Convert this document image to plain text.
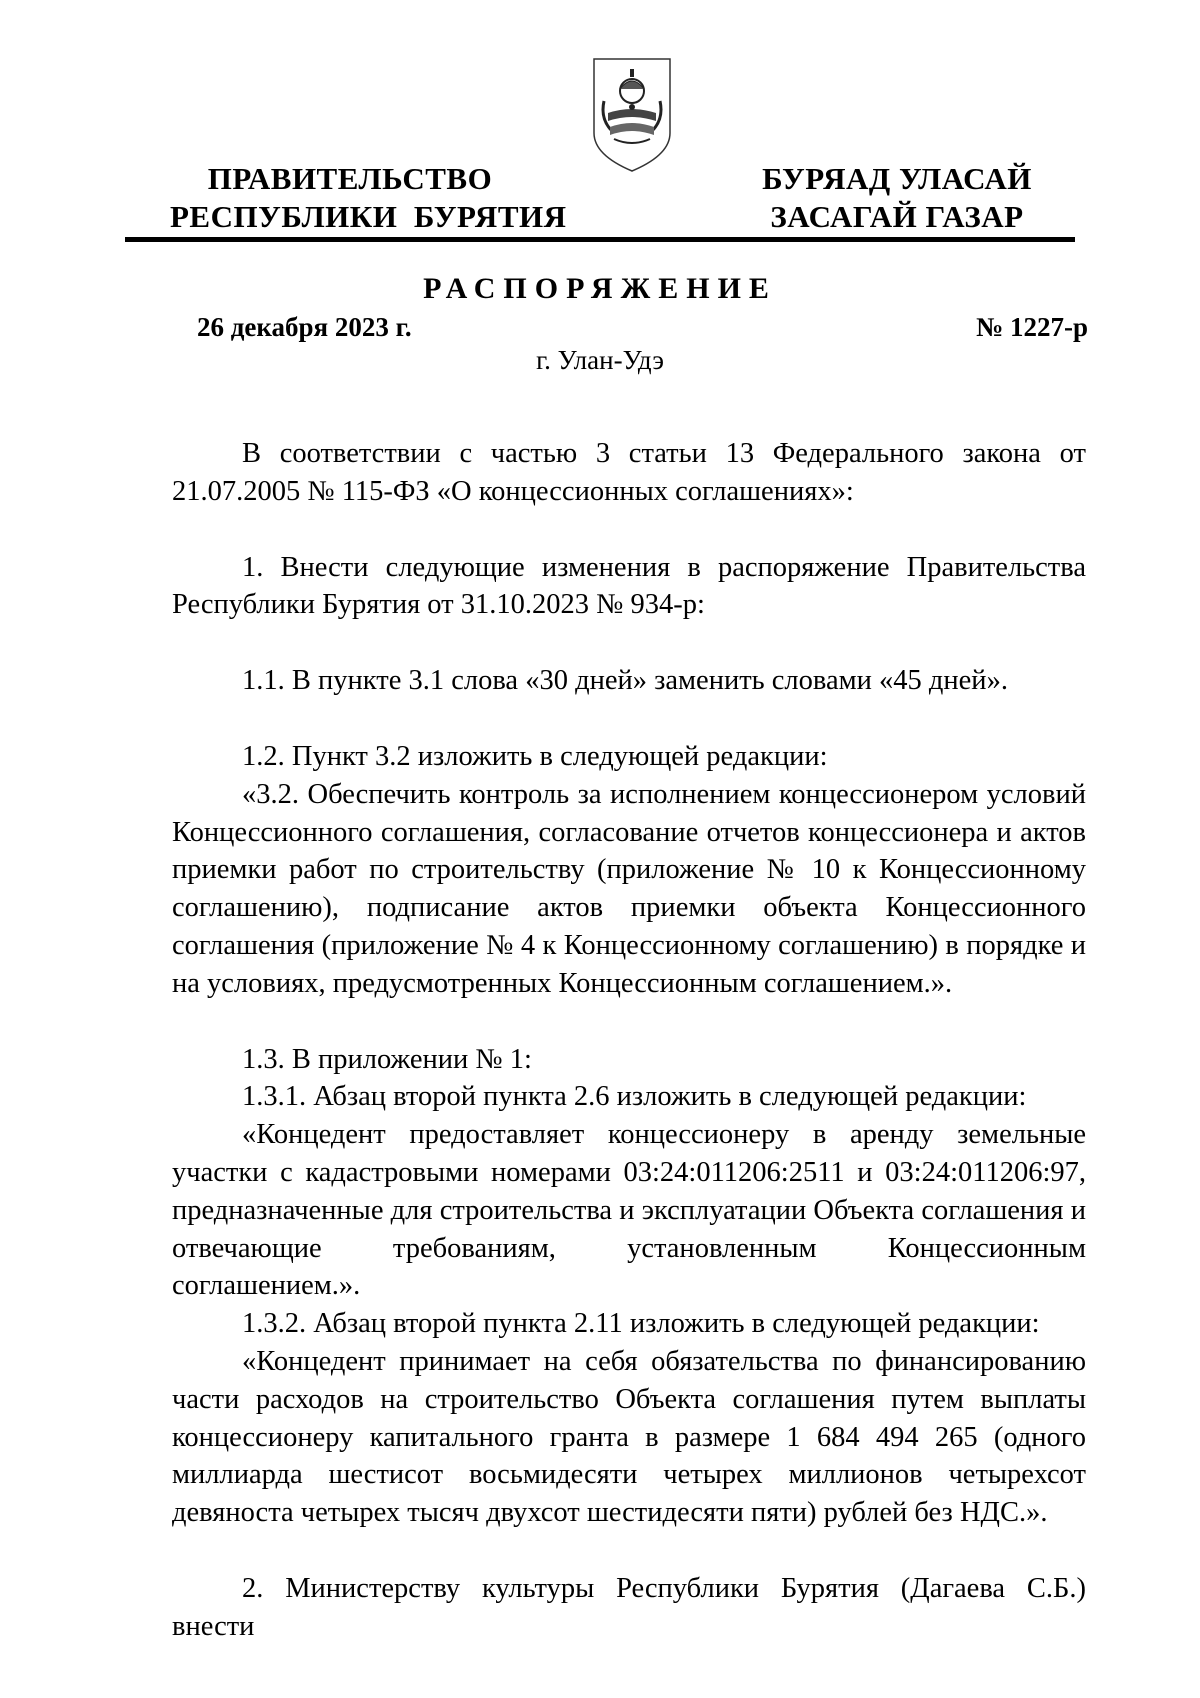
ПРАВИТЕЛЬСТВО
РЕСПУБЛИКИ  БУРЯТИЯ
БУРЯАД УЛАСАЙ
ЗАСАГАЙ ГАЗАР
РАСПОРЯЖЕНИЕ
26 декабря 2023 г.	№ 1227-р
г. Улан-Удэ

В соответствии с частью 3 статьи 13 Федерального закона от 21.07.2005 № 115-ФЗ «О концессионных соглашениях»:

1. Внести следующие изменения в распоряжение Правительства Республики Бурятия от 31.10.2023 № 934-р:

1.1. В пункте 3.1 слова «30 дней» заменить словами «45 дней».

1.2. Пункт 3.2 изложить в следующей редакции:

«3.2. Обеспечить контроль за исполнением концессионером условий Концессионного соглашения, согласование отчетов концессионера и актов приемки работ по строительству (приложение № 10 к Концессионному соглашению), подписание актов приемки объекта Концессионного соглашения (приложение № 4 к Концессионному соглашению) в порядке и на условиях, предусмотренных Концессионным соглашением.».

1.3. В приложении № 1:

1.3.1. Абзац второй пункта 2.6 изложить в следующей редакции:

«Концедент предоставляет концессионеру в аренду земельные участки с кадастровыми номерами 03:24:011206:2511 и 03:24:011206:97, предназначенные для строительства и эксплуатации Объекта соглашения и отвечающие требованиям, установленным Концессионным соглашением.».

1.3.2. Абзац второй пункта 2.11 изложить в следующей редакции:

«Концедент принимает на себя обязательства по финансированию части расходов на строительство Объекта соглашения путем выплаты концессионеру капитального гранта в размере 1 684 494 265 (одного миллиарда шестисот восьмидесяти четырех миллионов четырехсот девяноста четырех тысяч двухсот шестидесяти пяти) рублей без НДС.».

2. Министерству культуры Республики Бурятия (Дагаева С.Б.) внести
